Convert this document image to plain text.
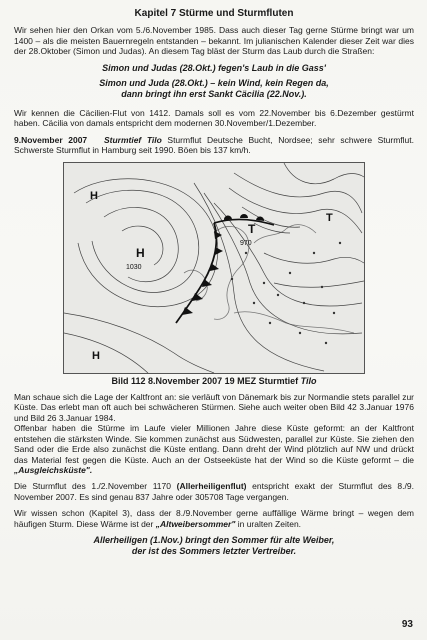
Kapitel 7 Stürme und Sturmfluten

Wir sehen hier den Orkan vom 5./6.November 1985. Dass auch dieser Tag gerne Stürme bringt war um 1400 – als die meisten Bauernregeln entstanden – bekannt. Im julianischen Kalender dieser Zeit war dies der 28.Oktober (Simon und Judas). An diesem Tag bläst der Sturm das Laub durch die Straßen:

Simon und Judas (28.Okt.) fegen's Laub in die Gass'
Simon und Juda (28.Okt.) – kein Wind, kein Regen da,
dann bringt ihn erst Sankt Cäcilia (22.Nov.).

Wir kennen die Cäcilien-Flut von 1412. Damals soll es vom 22.November bis 6.Dezember gestürmt haben. Cäcilia von damals entspricht dem modernen 30.November/1.Dezember.

9.November 2007 Sturmtief Tilo Sturmflut Deutsche Bucht, Nordsee; sehr schwere Sturmflut. Schwerste Sturmflut in Hamburg seit 1990. Böen bis 137 km/h.

H
H
1030
T
970
T
H
Bild 112 8.November 2007 19 MEZ Sturmtief Tilo

Man schaue sich die Lage der Kaltfront an: sie verläuft von Dänemark bis zur Normandie stets parallel zur Küste. Das erlebt man oft auch bei schwächeren Stürmen. Siehe auch weiter oben Bild 42 3.Januar 1976 und Bild 26 3.Januar 1984.

Offenbar haben die Stürme im Laufe vieler Millionen Jahre diese Küste geformt: an der Kaltfront entstehen die stärksten Winde. Sie kommen zunächst aus Südwesten, parallel zur Küste. Sie ziehen den Sand oder die Erde also zunächst die Küste entlang. Dann dreht der Wind plötzlich auf NW und drückt das Material fest gegen die Küste. Auch an der Ostseeküste hat der Wind so die Küste geformt – die „Ausgleichsküste".

Die Sturmflut des 1./2.November 1170 (Allerheiligenflut) entspricht exakt der Sturmflut des 8./9. November 2007. Es sind genau 837 Jahre oder 305708 Tage vergangen.

Wir wissen schon (Kapitel 3), dass der 8./9.November gerne auffällige Wärme bringt – wegen dem häufigen Sturm. Diese Wärme ist der „Altweibersommer" in uralten Zeiten.

Allerheiligen (1.Nov.) bringt den Sommer für alte Weiber,
der ist des Sommers letzter Vertreiber.
93
